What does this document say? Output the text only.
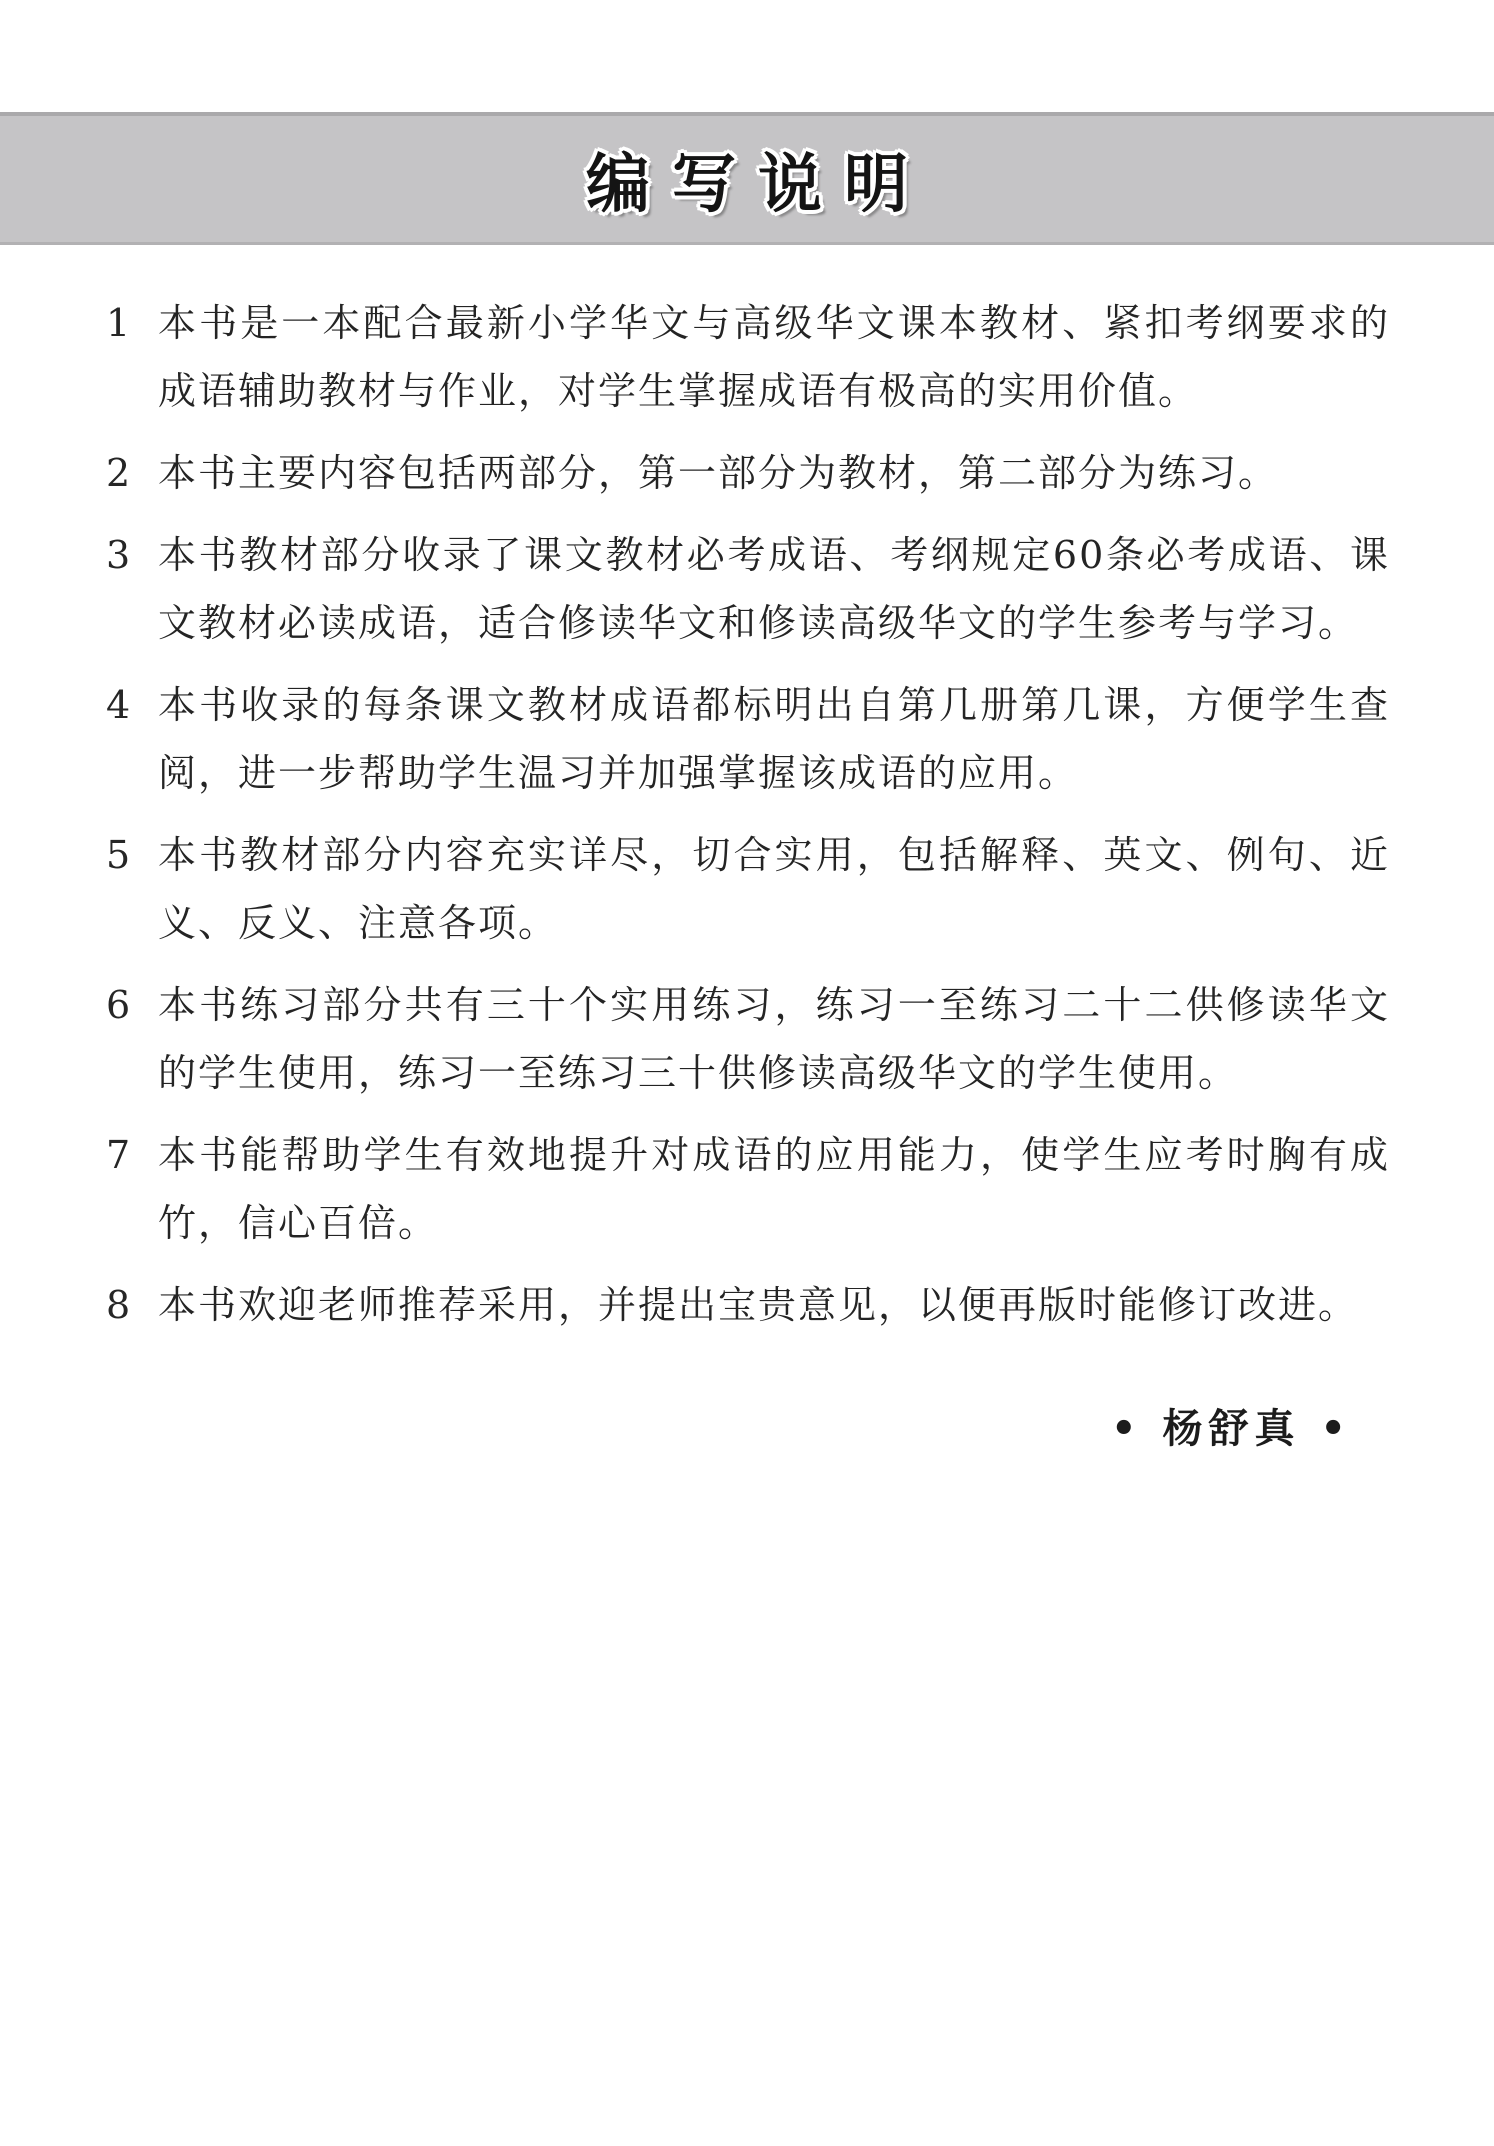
编写说明
1 本书是一本配合最新小学华文与高级华文课本教材、紧扣考纲要求的成语辅助教材与作业，对学生掌握成语有极高的实用价值。
2 本书主要内容包括两部分，第一部分为教材，第二部分为练习。
3 本书教材部分收录了课文教材必考成语、考纲规定60条必考成语、课文教材必读成语，适合修读华文和修读高级华文的学生参考与学习。
4 本书收录的每条课文教材成语都标明出自第几册第几课，方便学生查阅，进一步帮助学生温习并加强掌握该成语的应用。
5 本书教材部分内容充实详尽，切合实用，包括解释、英文、例句、近义、反义、注意各项。
6 本书练习部分共有三十个实用练习，练习一至练习二十二供修读华文的学生使用，练习一至练习三十供修读高级华文的学生使用。
7 本书能帮助学生有效地提升对成语的应用能力，使学生应考时胸有成竹，信心百倍。
8 本书欢迎老师推荐采用，并提出宝贵意见，以便再版时能修订改进。
• 杨舒真 •
